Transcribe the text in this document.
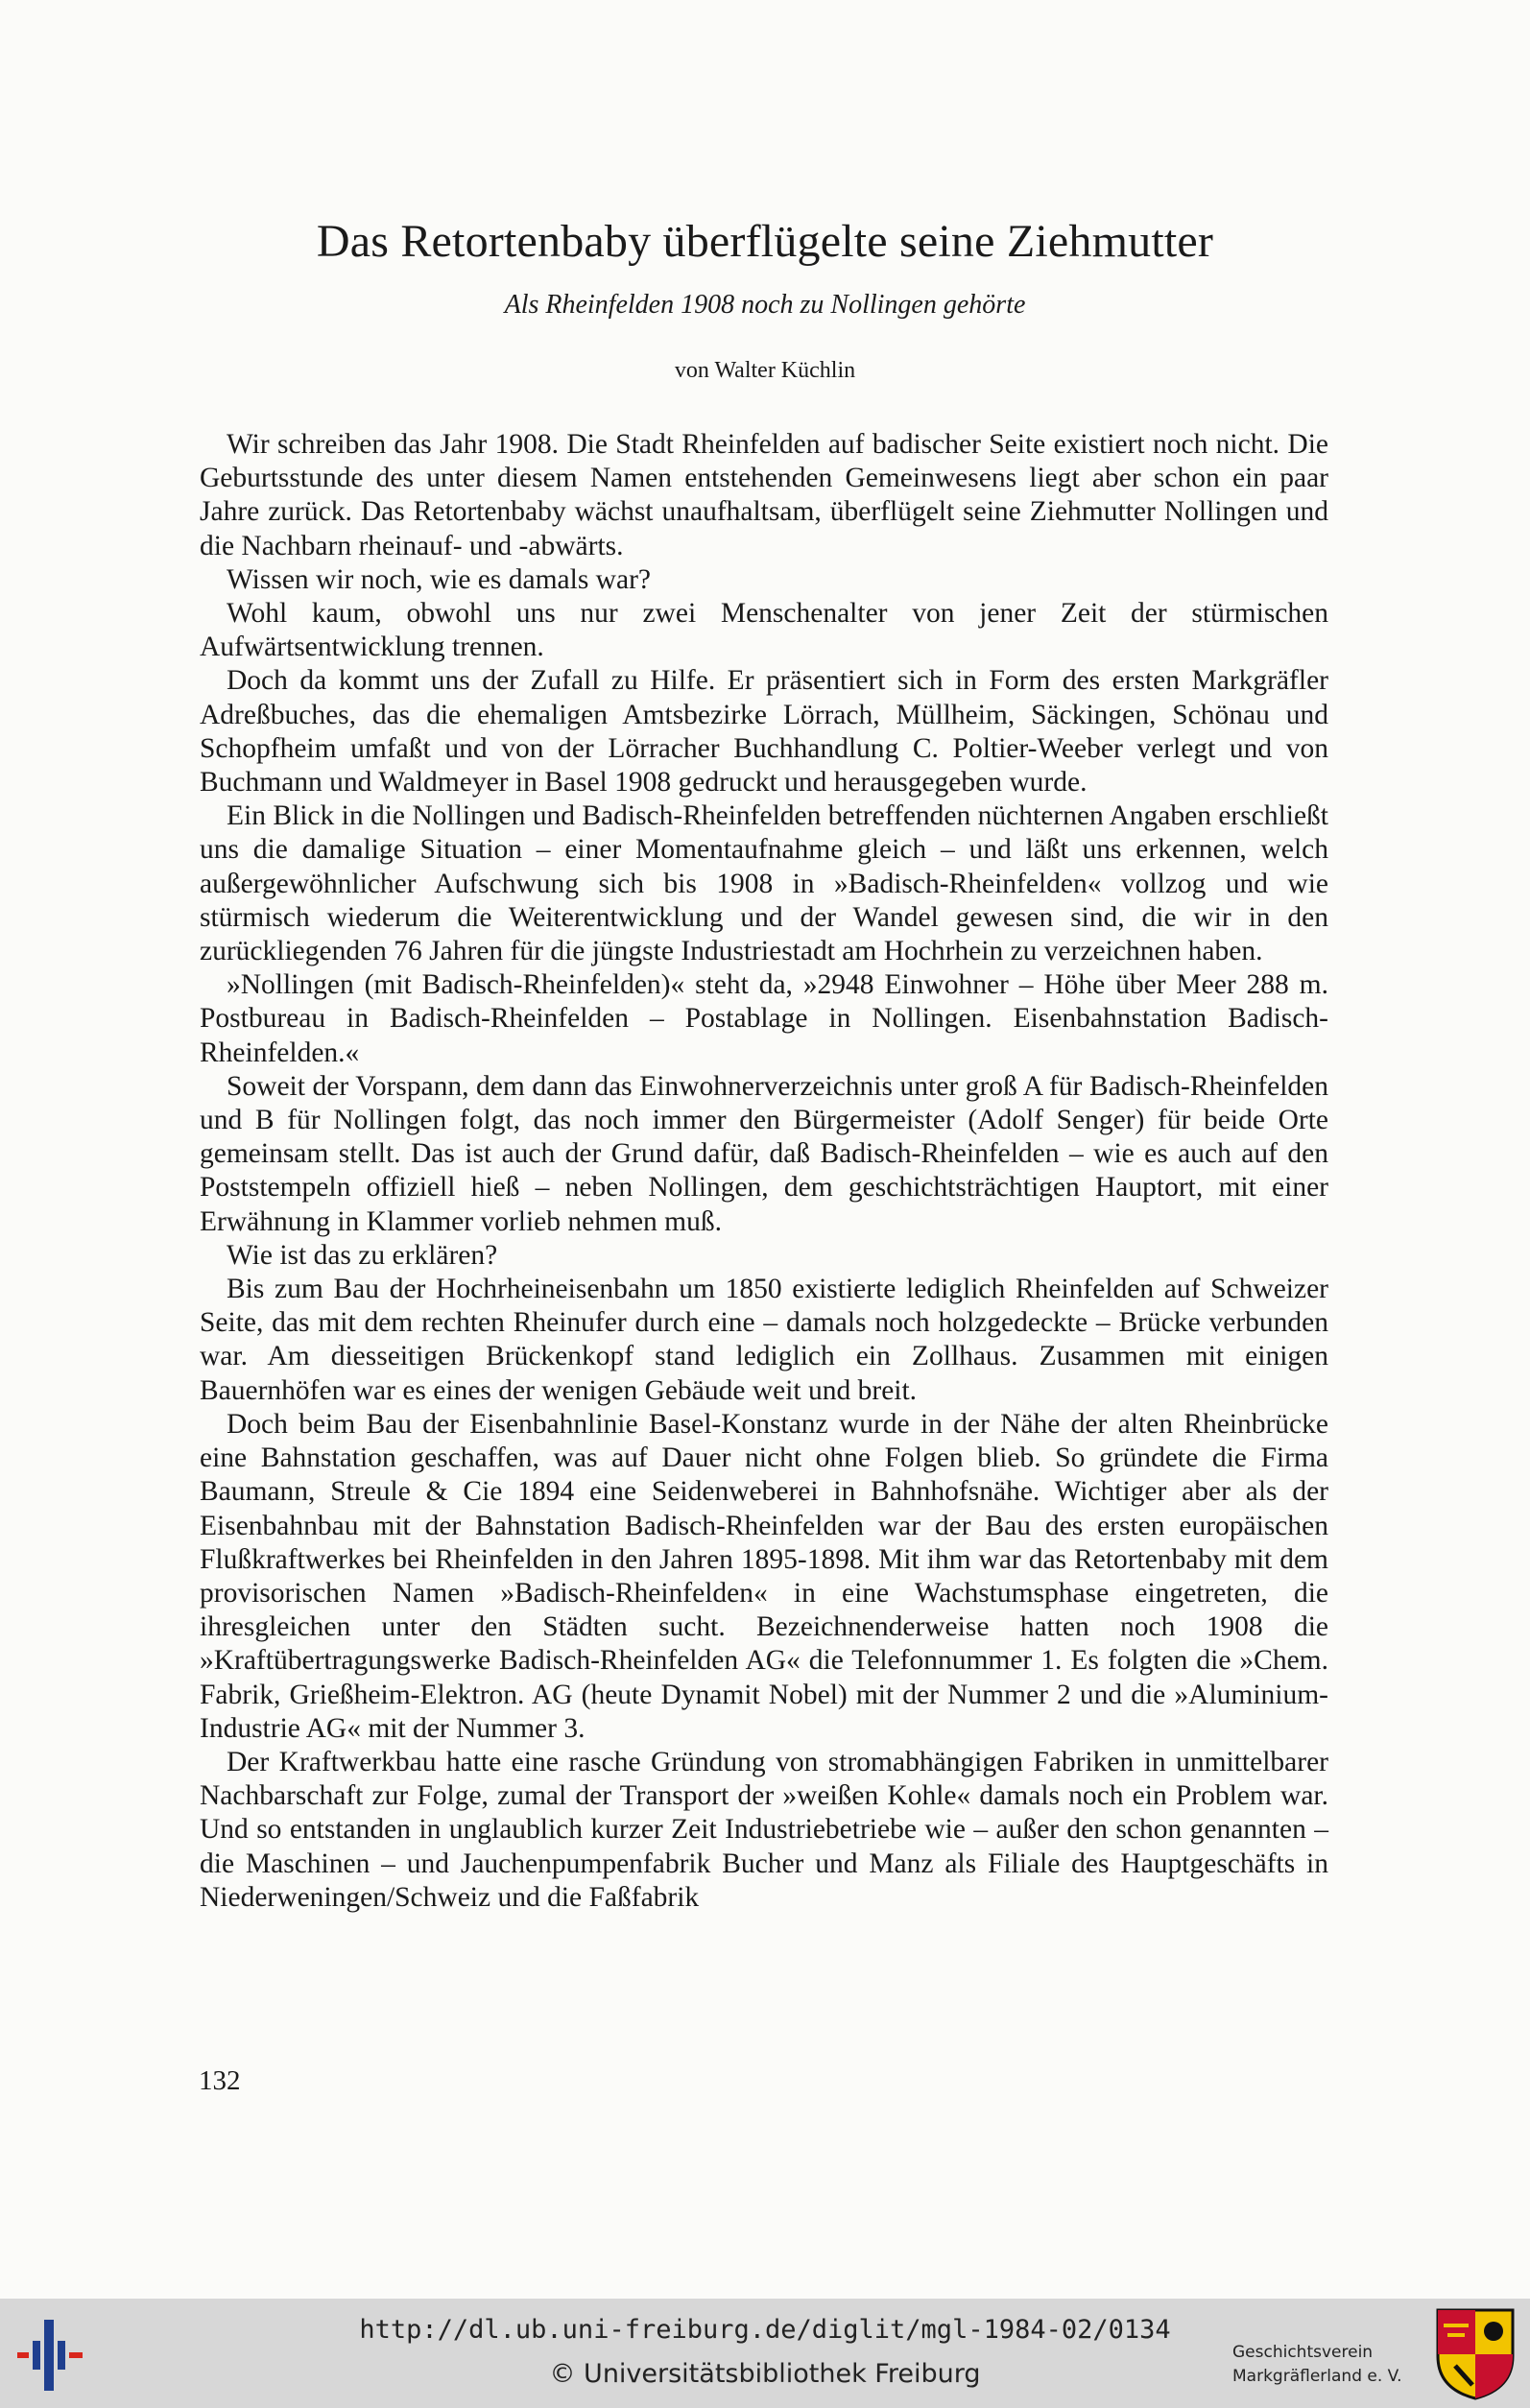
Das Retortenbaby überflügelte seine Ziehmutter
Als Rheinfelden 1908 noch zu Nollingen gehörte
von Walter Küchlin

Wir schreiben das Jahr 1908. Die Stadt Rheinfelden auf badischer Seite existiert noch nicht. Die Geburtsstunde des unter diesem Namen entstehenden Gemeinwesens liegt aber schon ein paar Jahre zurück. Das Retortenbaby wächst unaufhaltsam, überflügelt seine Ziehmutter Nollingen und die Nachbarn rheinauf- und -abwärts.

Wissen wir noch, wie es damals war?

Wohl kaum, obwohl uns nur zwei Menschenalter von jener Zeit der stürmischen Aufwärtsentwicklung trennen.

Doch da kommt uns der Zufall zu Hilfe. Er präsentiert sich in Form des ersten Markgräfler Adreßbuches, das die ehemaligen Amtsbezirke Lörrach, Müllheim, Säckingen, Schönau und Schopfheim umfaßt und von der Lörracher Buchhandlung C. Poltier-Weeber verlegt und von Buchmann und Waldmeyer in Basel 1908 gedruckt und herausgegeben wurde.

Ein Blick in die Nollingen und Badisch-Rheinfelden betreffenden nüchternen Angaben erschließt uns die damalige Situation – einer Momentaufnahme gleich – und läßt uns erkennen, welch außergewöhnlicher Aufschwung sich bis 1908 in »Badisch-Rheinfelden« vollzog und wie stürmisch wiederum die Weiterentwicklung und der Wandel gewesen sind, die wir in den zurückliegenden 76 Jahren für die jüngste Industriestadt am Hochrhein zu verzeichnen haben.

»Nollingen (mit Badisch-Rheinfelden)« steht da, »2948 Einwohner – Höhe über Meer 288 m. Postbureau in Badisch-Rheinfelden – Postablage in Nollingen. Eisenbahnstation Badisch-Rheinfelden.«

Soweit der Vorspann, dem dann das Einwohnerverzeichnis unter groß A für Badisch-Rheinfelden und B für Nollingen folgt, das noch immer den Bürgermeister (Adolf Senger) für beide Orte gemeinsam stellt. Das ist auch der Grund dafür, daß Badisch-Rheinfelden – wie es auch auf den Poststempeln offiziell hieß – neben Nollingen, dem geschichtsträchtigen Hauptort, mit einer Erwähnung in Klammer vorlieb nehmen muß.

Wie ist das zu erklären?

Bis zum Bau der Hochrheineisenbahn um 1850 existierte lediglich Rheinfelden auf Schweizer Seite, das mit dem rechten Rheinufer durch eine – damals noch holzgedeckte – Brücke verbunden war. Am diesseitigen Brückenkopf stand lediglich ein Zollhaus. Zusammen mit einigen Bauernhöfen war es eines der wenigen Gebäude weit und breit.

Doch beim Bau der Eisenbahnlinie Basel-Konstanz wurde in der Nähe der alten Rheinbrücke eine Bahnstation geschaffen, was auf Dauer nicht ohne Folgen blieb. So gründete die Firma Baumann, Streule & Cie 1894 eine Seidenweberei in Bahnhofsnähe. Wichtiger aber als der Eisenbahnbau mit der Bahnstation Badisch-Rheinfelden war der Bau des ersten europäischen Flußkraftwerkes bei Rheinfelden in den Jahren 1895-1898. Mit ihm war das Retortenbaby mit dem provisorischen Namen »Badisch-Rheinfelden« in eine Wachstumsphase eingetreten, die ihresgleichen unter den Städten sucht. Bezeichnenderweise hatten noch 1908 die »Kraftübertragungswerke Badisch-Rheinfelden AG« die Telefonnummer 1. Es folgten die »Chem. Fabrik, Grießheim-Elektron. AG (heute Dynamit Nobel) mit der Nummer 2 und die »Aluminium-Industrie AG« mit der Nummer 3.

Der Kraftwerkbau hatte eine rasche Gründung von stromabhängigen Fabriken in unmittelbarer Nachbarschaft zur Folge, zumal der Transport der »weißen Kohle« damals noch ein Problem war. Und so entstanden in unglaublich kurzer Zeit Industriebetriebe wie – außer den schon genannten – die Maschinen – und Jauchenpumpenfabrik Bucher und Manz als Filiale des Hauptgeschäfts in Niederweningen/Schweiz und die Faßfabrik

132
http://dl.ub.uni-freiburg.de/diglit/mgl-1984-02/0134
© Universitätsbibliothek Freiburg
Geschichtsverein
Markgräflerland e. V.
